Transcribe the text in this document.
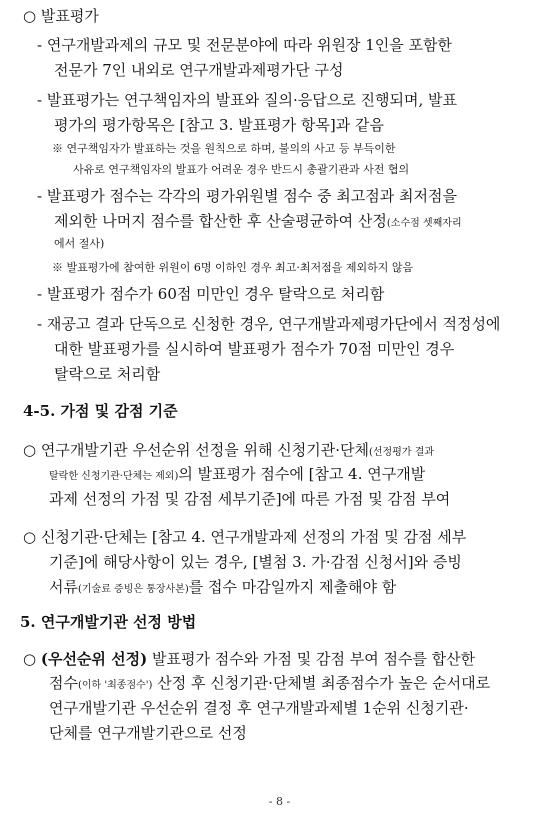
○ 발표평가
- 연구개발과제의 규모 및 전문분야에 따라 위원장 1인을 포함한
전문가 7인 내외로 연구개발과제평가단 구성
- 발표평가는 연구책임자의 발표와 질의·응답으로 진행되며, 발표
평가의 평가항목은 [참고 3. 발표평가 항목]과 같음
※ 연구책임자가 발표하는 것을 원칙으로 하며, 불의의 사고 등 부득이한
사유로 연구책임자의 발표가 어려운 경우 반드시 총괄기관과 사전 협의
- 발표평가 점수는 각각의 평가위원별 점수 중 최고점과 최저점을
제외한 나머지 점수를 합산한 후 산술평균하여 산정(소수점 셋째자리
에서 절사)
※ 발표평가에 참여한 위원이 6명 이하인 경우 최고·최저점을 제외하지 않음
- 발표평가 점수가 60점 미만인 경우 탈락으로 처리함
- 재공고 결과 단독으로 신청한 경우, 연구개발과제평가단에서 적정성에
대한 발표평가를 실시하여 발표평가 점수가 70점 미만인 경우
탈락으로 처리함
4-5. 가점 및 감점 기준
○ 연구개발기관 우선순위 선정을 위해 신청기관·단체(선정평가 결과
탈락한 신청기관·단체는 제외)의 발표평가 점수에 [참고 4. 연구개발
과제 선정의 가점 및 감점 세부기준]에 따른 가점 및 감점 부여
○ 신청기관·단체는 [참고 4. 연구개발과제 선정의 가점 및 감점 세부
기준]에 해당사항이 있는 경우, [별첨 3. 가·감점 신청서]와 증빙
서류(기술료 증빙은 통장사본)를 접수 마감일까지 제출해야 함
5. 연구개발기관 선정 방법
○ (우선순위 선정) 발표평가 점수와 가점 및 감점 부여 점수를 합산한
점수(이하 '최종점수') 산정 후 신청기관·단체별 최종점수가 높은 순서대로
연구개발기관 우선순위 결정 후 연구개발과제별 1순위 신청기관·
단체를 연구개발기관으로 선정
- 8 -
